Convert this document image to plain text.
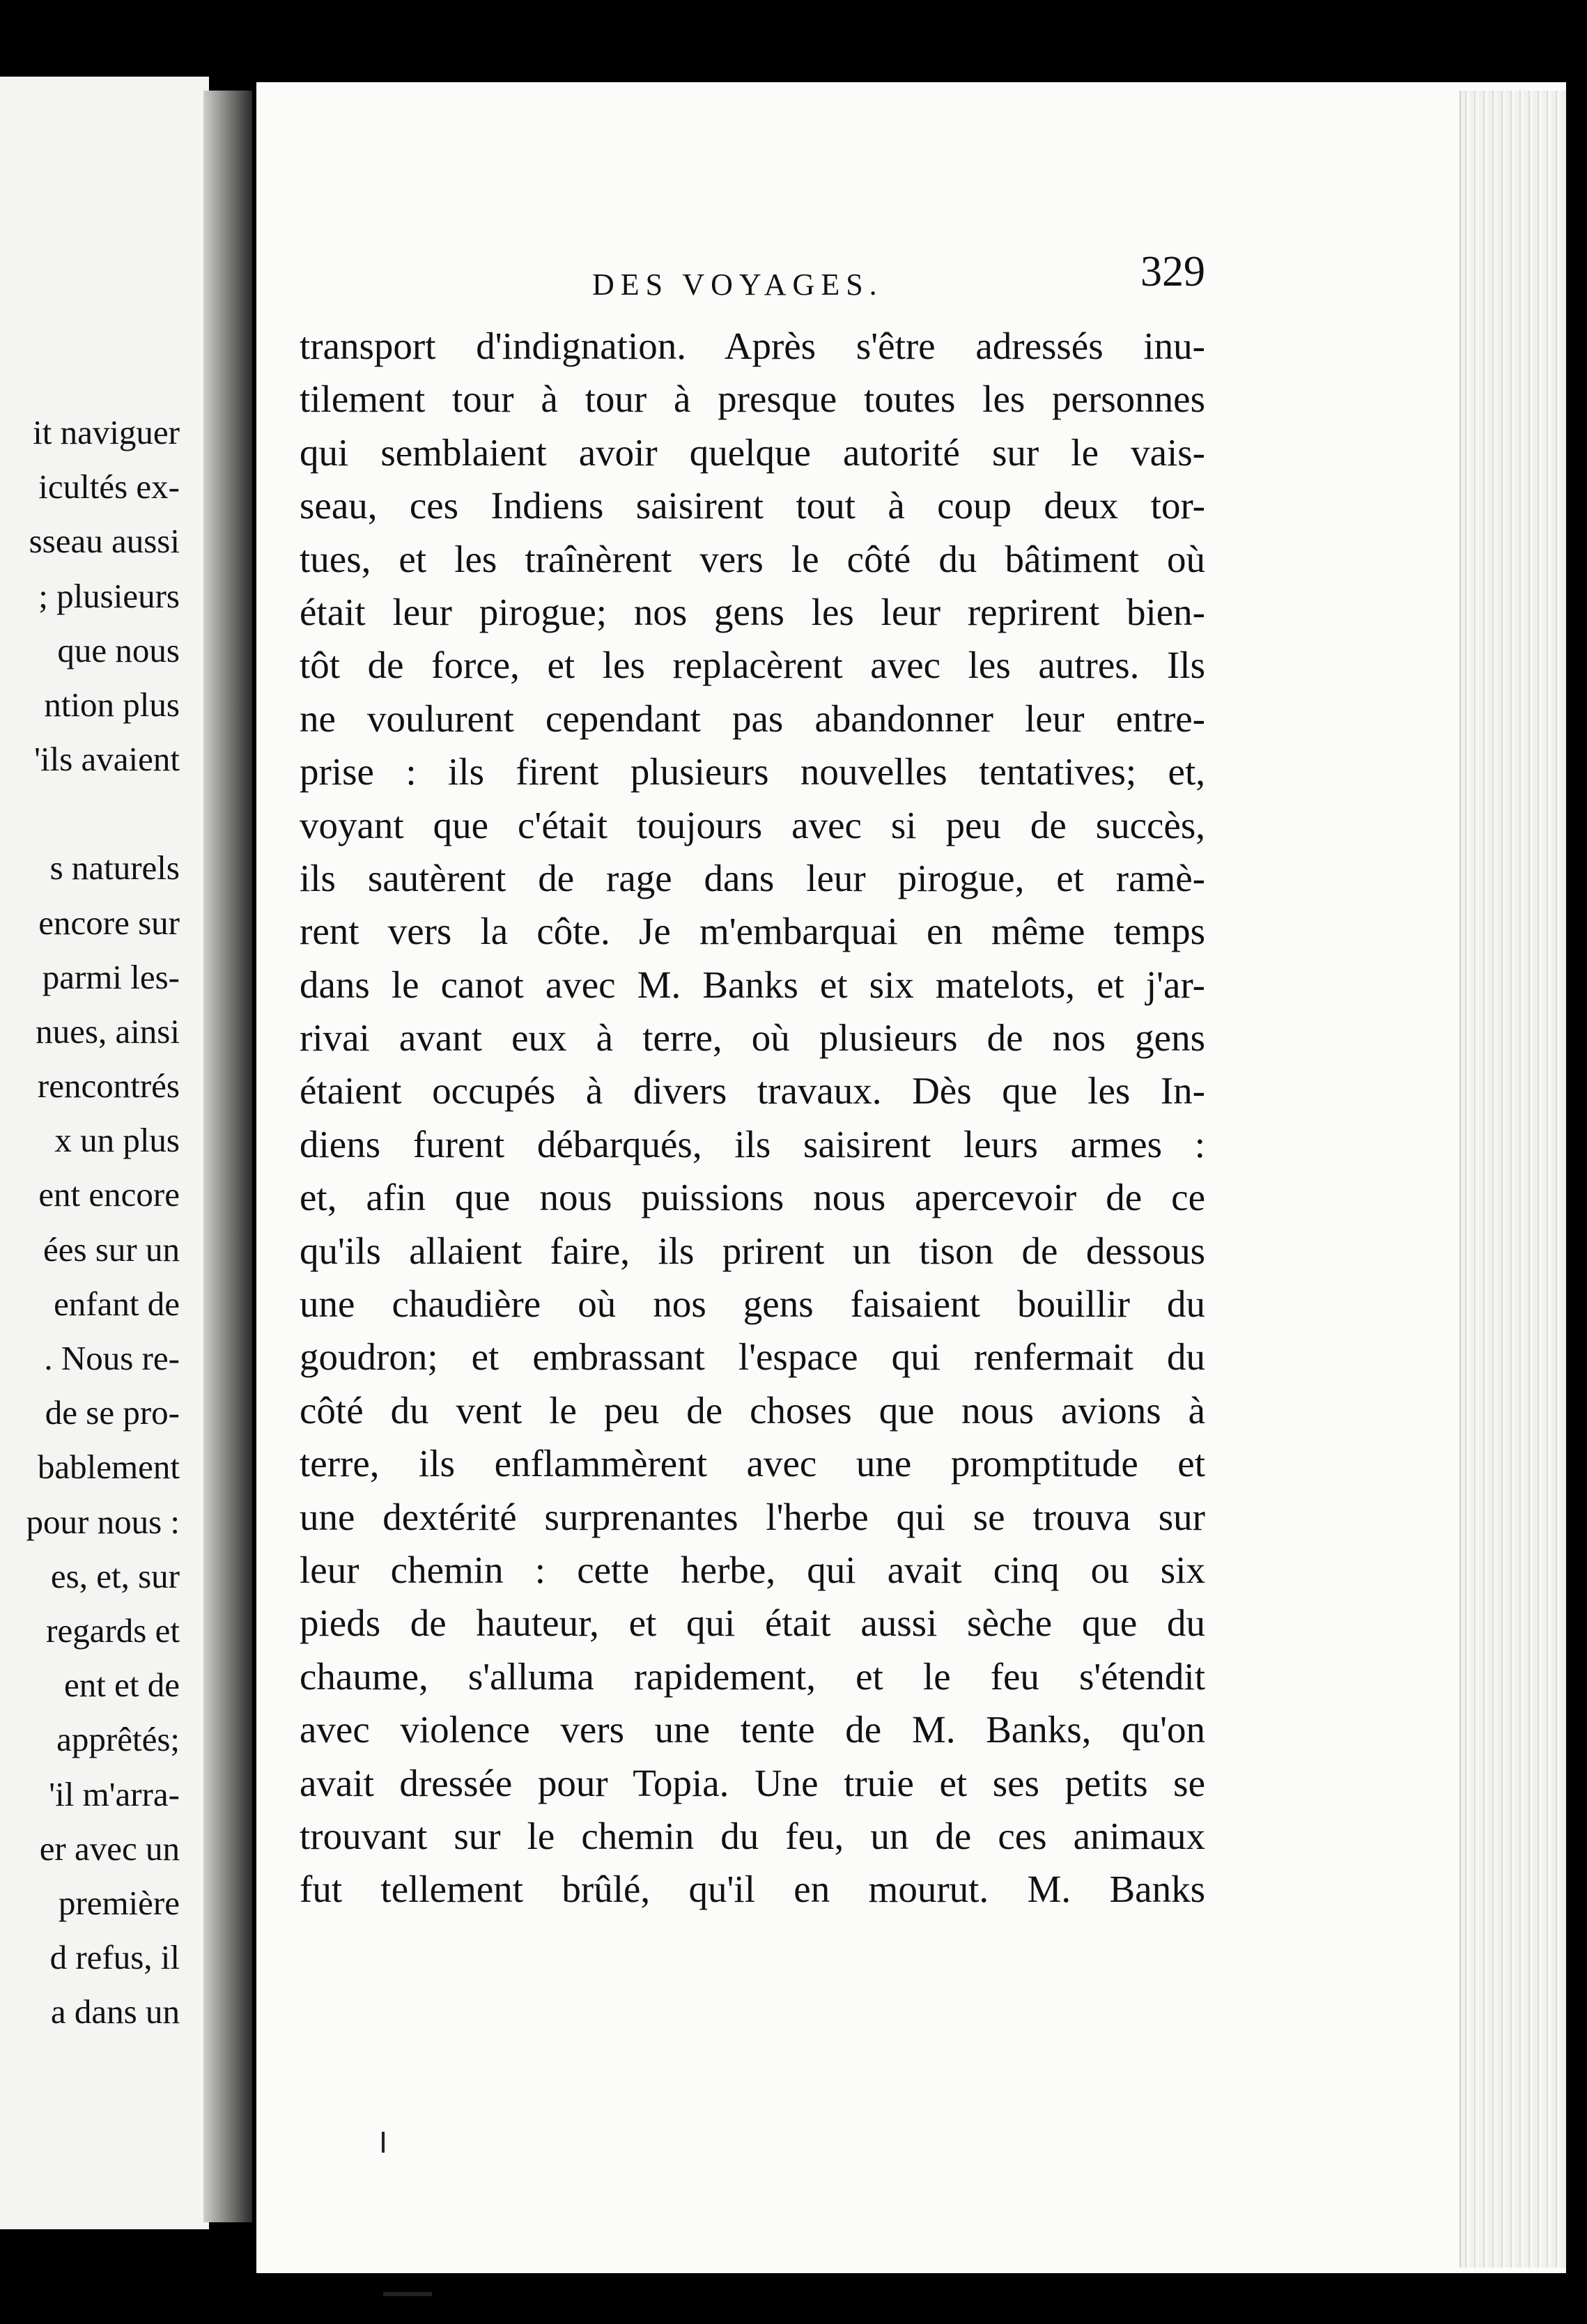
it naviguer
icultés ex-
sseau aussi
; plusieurs
que nous
ntion plus
'ils avaient
s naturels
encore sur
parmi les-
nues, ainsi
rencontrés
x un plus
ent encore
ées sur un
enfant de
. Nous re-
de se pro-
bablement
pour nous :
es, et, sur
regards et
ent et de
apprêtés;
'il m'arra-
er avec un
première
d refus, il
a dans un
DES VOYAGES.	329
transport d'indignation. Après s'être adressés inu-
tilement tour à tour à presque toutes les personnes
qui semblaient avoir quelque autorité sur le vais-
seau, ces Indiens saisirent tout à coup deux tor-
tues, et les traînèrent vers le côté du bâtiment où
était leur pirogue; nos gens les leur reprirent bien-
tôt de force, et les replacèrent avec les autres. Ils
ne voulurent cependant pas abandonner leur entre-
prise : ils firent plusieurs nouvelles tentatives; et,
voyant que c'était toujours avec si peu de succès,
ils sautèrent de rage dans leur pirogue, et ramè-
rent vers la côte. Je m'embarquai en même temps
dans le canot avec M. Banks et six matelots, et j'ar-
rivai avant eux à terre, où plusieurs de nos gens
étaient occupés à divers travaux. Dès que les In-
diens furent débarqués, ils saisirent leurs armes :
et, afin que nous puissions nous apercevoir de ce
qu'ils allaient faire, ils prirent un tison de dessous
une chaudière où nos gens faisaient bouillir du
goudron; et embrassant l'espace qui renfermait du
côté du vent le peu de choses que nous avions à
terre, ils enflammèrent avec une promptitude et
une dextérité surprenantes l'herbe qui se trouva sur
leur chemin : cette herbe, qui avait cinq ou six
pieds de hauteur, et qui était aussi sèche que du
chaume, s'alluma rapidement, et le feu s'étendit
avec violence vers une tente de M. Banks, qu'on
avait dressée pour Topia. Une truie et ses petits se
trouvant sur le chemin du feu, un de ces animaux
fut tellement brûlé, qu'il en mourut. M. Banks
